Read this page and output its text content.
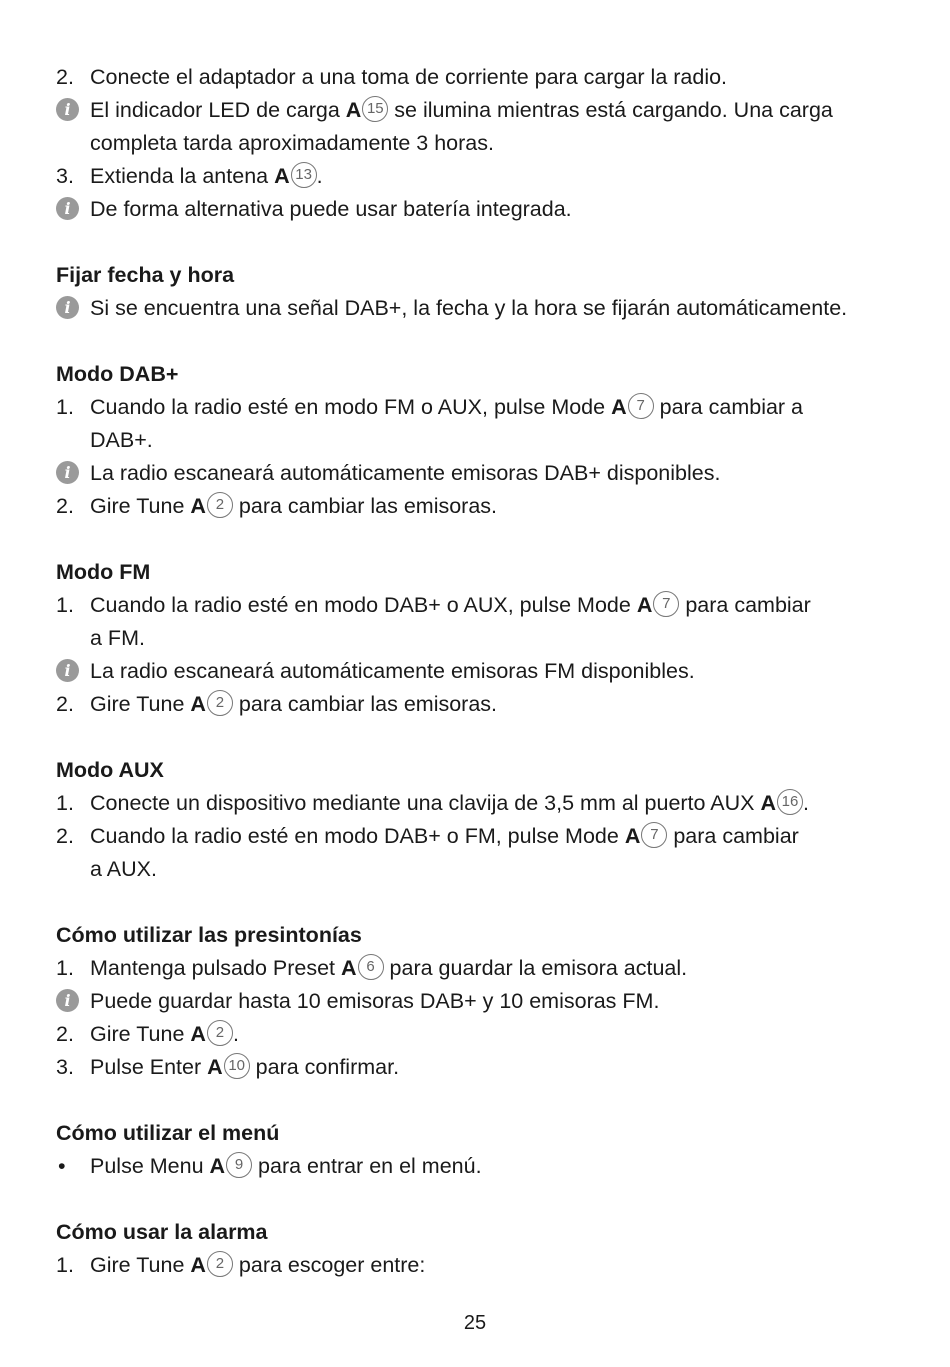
2. Conecte el adaptador a una toma de corriente para cargar la radio.
i El indicador LED de carga A 15 se ilumina mientras está cargando. Una carga
completa tarda aproximadamente 3 horas.
3. Extienda la antena A 13 .
i De forma alternativa puede usar batería integrada.
Fijar fecha y hora
i Si se encuentra una señal DAB+, la fecha y la hora se fijarán automáticamente.
Modo DAB+
1. Cuando la radio esté en modo FM o AUX, pulse Mode A 7 para cambiar a
DAB+.
i La radio escaneará automáticamente emisoras DAB+ disponibles.
2. Gire Tune A 2 para cambiar las emisoras.
Modo FM
1. Cuando la radio esté en modo DAB+ o AUX, pulse Mode A 7 para cambiar
a FM.
i La radio escaneará automáticamente emisoras FM disponibles.
2. Gire Tune A 2 para cambiar las emisoras.
Modo AUX
1. Conecte un dispositivo mediante una clavija de 3,5 mm al puerto AUX A 16 .
2. Cuando la radio esté en modo DAB+ o FM, pulse Mode A 7 para cambiar
a AUX.
Cómo utilizar las presintonías
1. Mantenga pulsado Preset A 6 para guardar la emisora actual.
i Puede guardar hasta 10 emisoras DAB+ y 10 emisoras FM.
2. Gire Tune A 2 .
3. Pulse Enter A 10 para confirmar.
Cómo utilizar el menú
•	Pulse Menu A 9 para entrar en el menú.
Cómo usar la alarma
1. Gire Tune A 2 para escoger entre:
25
